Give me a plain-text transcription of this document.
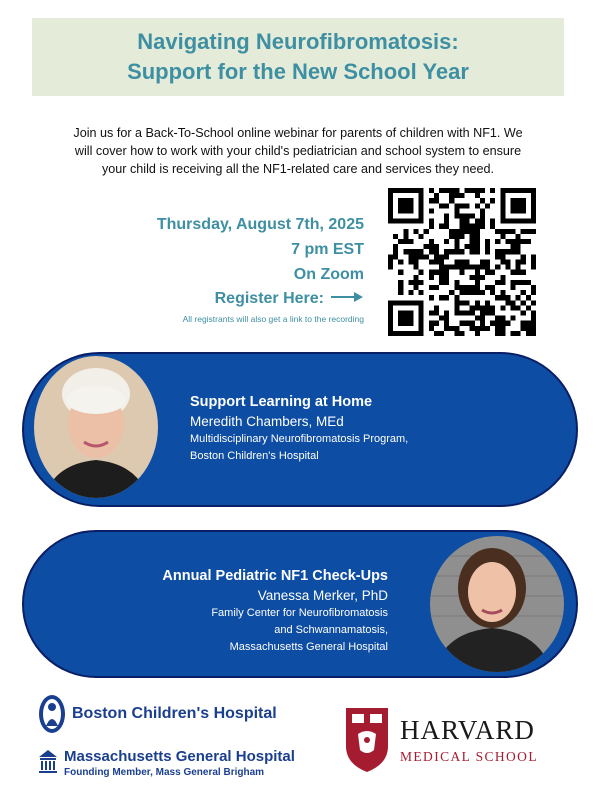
Navigating Neurofibromatosis:
Support for the New School Year
Join us for a Back-To-School online webinar for parents of children with NF1. We
will cover how to work with your child's pediatrician and school system to ensure
your child is receiving all the NF1-related care and services they need.
Thursday, August 7th, 2025
7 pm EST
On Zoom
Register Here:
All registrants will also get a link to the recording
Support Learning at Home
Meredith Chambers, MEd
Multidisciplinary Neurofibromatosis Program,
Boston Children's Hospital
Annual Pediatric NF1 Check-Ups
Vanessa Merker, PhD
Family Center for Neurofibromatosis
and Schwannamatosis,
Massachusetts General Hospital
Boston Children's Hospital
Massachusetts General Hospital
Founding Member, Mass General Brigham
HARVARD
MEDICAL SCHOOL
